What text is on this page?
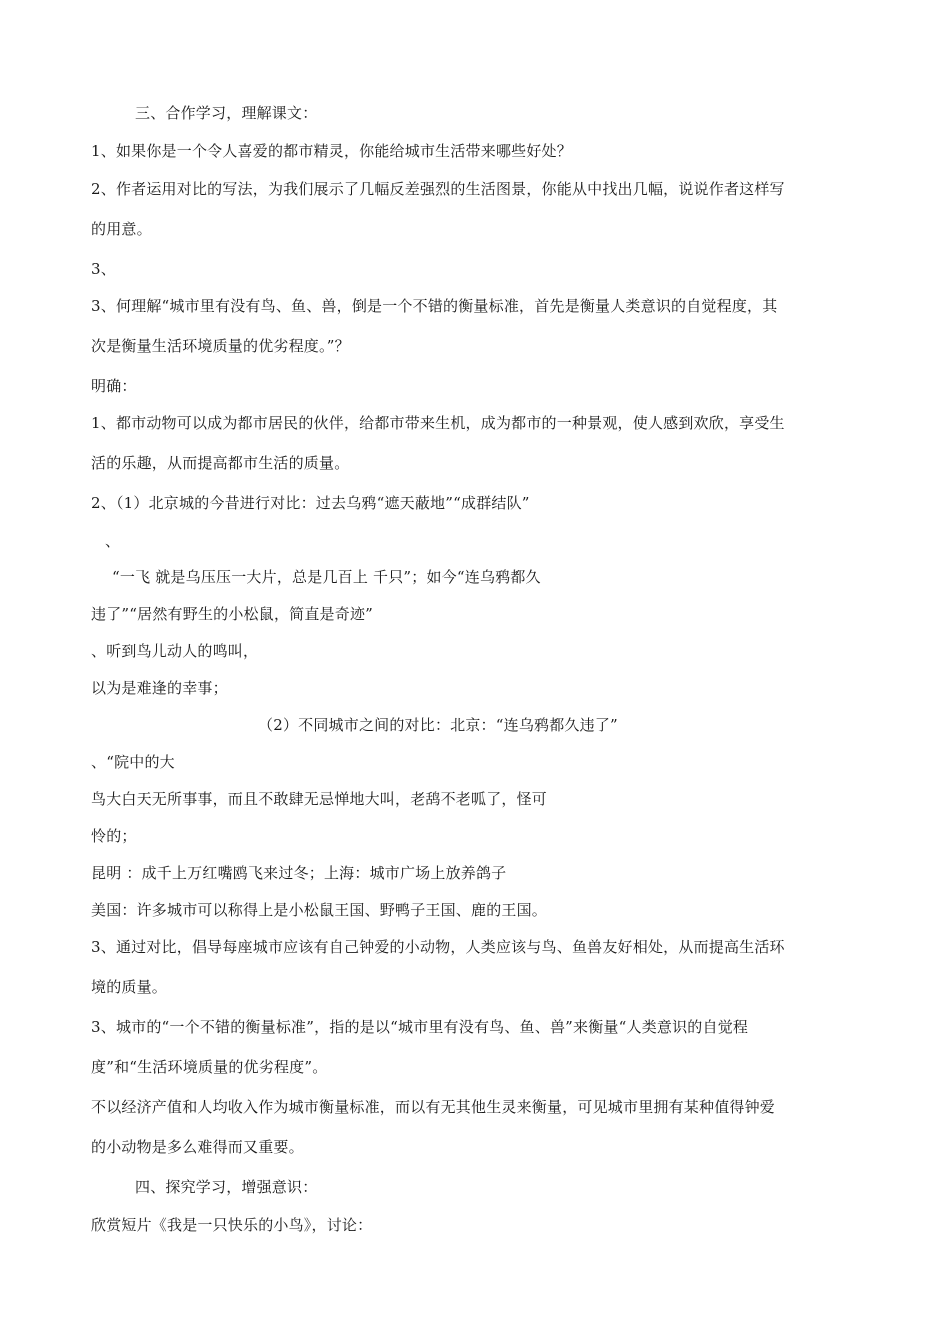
三、合作学习，理解课文：
1、如果你是一个令人喜爱的都市精灵，你能给城市生活带来哪些好处？
2、作者运用对比的写法，为我们展示了几幅反差强烈的生活图景，你能从中找出几幅，说说作者这样写
的用意。
3、
3、何理解“城市里有没有鸟、鱼、兽，倒是一个不错的衡量标准，首先是衡量人类意识的自觉程度，其
次是衡量生活环境质量的优劣程度。”？
明确：
1、都市动物可以成为都市居民的伙伴，给都市带来生机，成为都市的一种景观，使人感到欢欣，享受生
活的乐趣，从而提高都市生活的质量。
2、（1）北京城的今昔进行对比：过去乌鸦“遮天蔽地”“成群结队”
、
“一飞 就是乌压压一大片，总是几百上 千只”；如今“连乌鸦都久
违了”“居然有野生的小松鼠，简直是奇迹”
、听到鸟儿动人的鸣叫，
以为是难逢的幸事；
（2）不同城市之间的对比：北京：“连乌鸦都久违了”
、“院中的大
鸟大白天无所事事，而且不敢肆无忌惮地大叫，老鸹不老呱了，怪可
怜的；
昆明 ：成千上万红嘴鸥飞来过冬；上海：城市广场上放养鸽子
美国：许多城市可以称得上是小松鼠王国、野鸭子王国、鹿的王国。
3、通过对比，倡导每座城市应该有自己钟爱的小动物，人类应该与鸟、鱼兽友好相处，从而提高生活环
境的质量。
3、城市的“一个不错的衡量标准”，指的是以“城市里有没有鸟、鱼、兽”来衡量“人类意识的自觉程
度”和“生活环境质量的优劣程度”。
不以经济产值和人均收入作为城市衡量标准，而以有无其他生灵来衡量，可见城市里拥有某种值得钟爱
的小动物是多么难得而又重要。
四、探究学习，增强意识：
欣赏短片《我是一只快乐的小鸟》，讨论：
